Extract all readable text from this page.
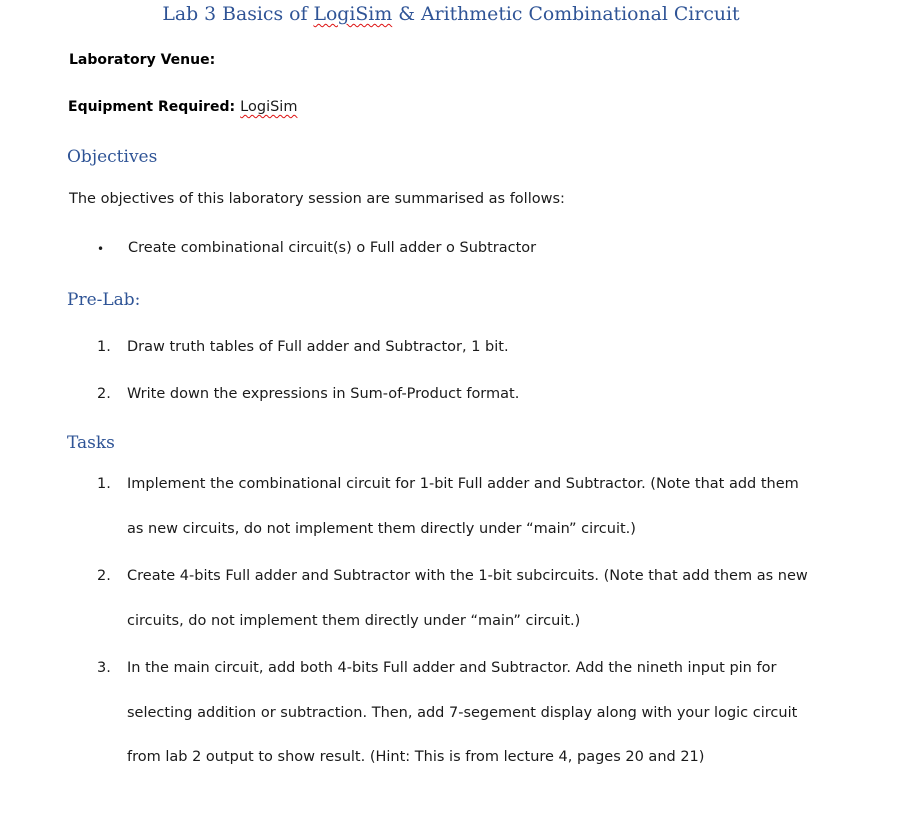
Lab 3 Basics of LogiSim & Arithmetic Combinational Circuit
Laboratory Venue:
Equipment Required: LogiSim
Objectives
The objectives of this laboratory session are summarised as follows:
• Create combinational circuit(s) o Full adder o Subtractor
Pre-Lab:
1. Draw truth tables of Full adder and Subtractor, 1 bit.
2. Write down the expressions in Sum-of-Product format.
Tasks
1. Implement the combinational circuit for 1-bit Full adder and Subtractor. (Note that add them
as new circuits, do not implement them directly under “main” circuit.)
2. Create 4-bits Full adder and Subtractor with the 1-bit subcircuits. (Note that add them as new
circuits, do not implement them directly under “main” circuit.)
3. In the main circuit, add both 4-bits Full adder and Subtractor. Add the nineth input pin for
selecting addition or subtraction. Then, add 7-segement display along with your logic circuit
from lab 2 output to show result. (Hint: This is from lecture 4, pages 20 and 21)
